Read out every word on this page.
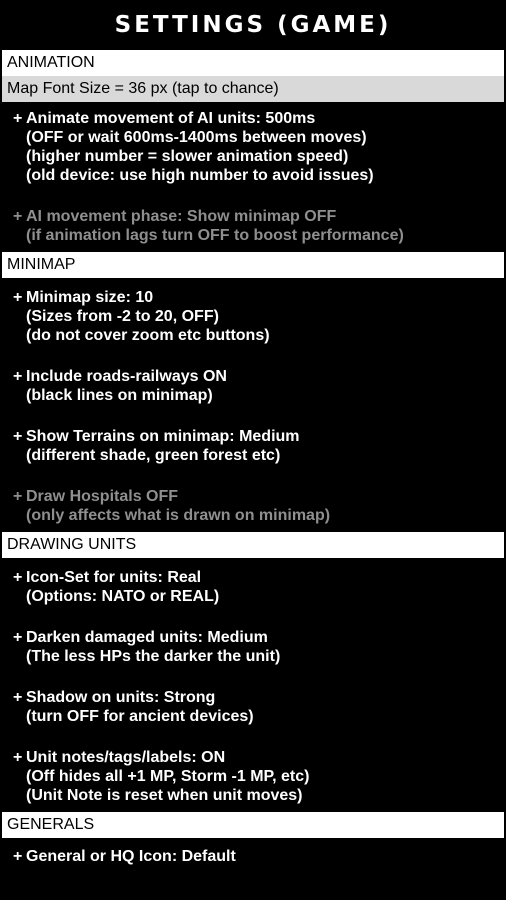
SETTINGS (GAME)
ANIMATION
Map Font Size = 36 px (tap to chance)
+ Animate movement of AI units: 500ms
(OFF or wait 600ms-1400ms between moves)
(higher number = slower animation speed)
(old device: use high number to avoid issues)
+ AI movement phase: Show minimap OFF
(if animation lags turn OFF to boost performance)
MINIMAP
+ Minimap size: 10
(Sizes from -2 to 20, OFF)
(do not cover zoom etc buttons)
+ Include roads-railways ON
(black lines on minimap)
+ Show Terrains on minimap: Medium
(different shade, green forest etc)
+ Draw Hospitals OFF
(only affects what is drawn on minimap)
DRAWING UNITS
+ Icon-Set for units: Real
(Options: NATO or REAL)
+ Darken damaged units: Medium
(The less HPs the darker the unit)
+ Shadow on units: Strong
(turn OFF for ancient devices)
+ Unit notes/tags/labels: ON
(Off hides all +1 MP, Storm -1 MP, etc)
(Unit Note is reset when unit moves)
GENERALS
+ General or HQ Icon: Default
